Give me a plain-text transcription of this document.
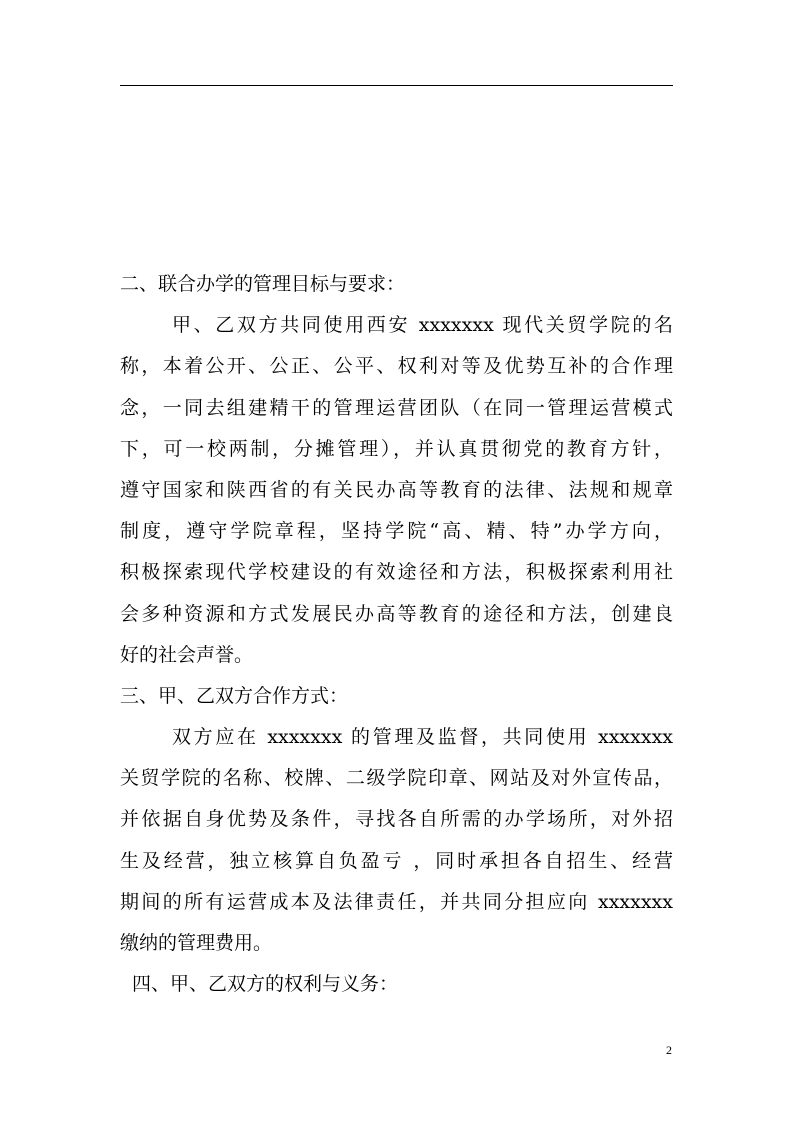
二、联合办学的管理目标与要求：
甲、乙双方共同使用西安 xxxxxxx 现代关贸学院的名
称，本着公开、公正、公平、权利对等及优势互补的合作理
念，一同去组建精干的管理运营团队（在同一管理运营模式
下，可一校两制，分摊管理），并认真贯彻党的教育方针，
遵守国家和陕西省的有关民办高等教育的法律、法规和规章
制度，遵守学院章程，坚持学院“高、精、特”办学方向，
积极探索现代学校建设的有效途径和方法，积极探索利用社
会多种资源和方式发展民办高等教育的途径和方法，创建良
好的社会声誉。
三、甲、乙双方合作方式：
双方应在 xxxxxxx 的管理及监督，共同使用 xxxxxxx
关贸学院的名称、校牌、二级学院印章、网站及对外宣传品，
并依据自身优势及条件，寻找各自所需的办学场所，对外招
生及经营，独立核算自负盈亏 ，同时承担各自招生、经营
期间的所有运营成本及法律责任，并共同分担应向 xxxxxxx
缴纳的管理费用。
四、甲、乙双方的权利与义务：
2
